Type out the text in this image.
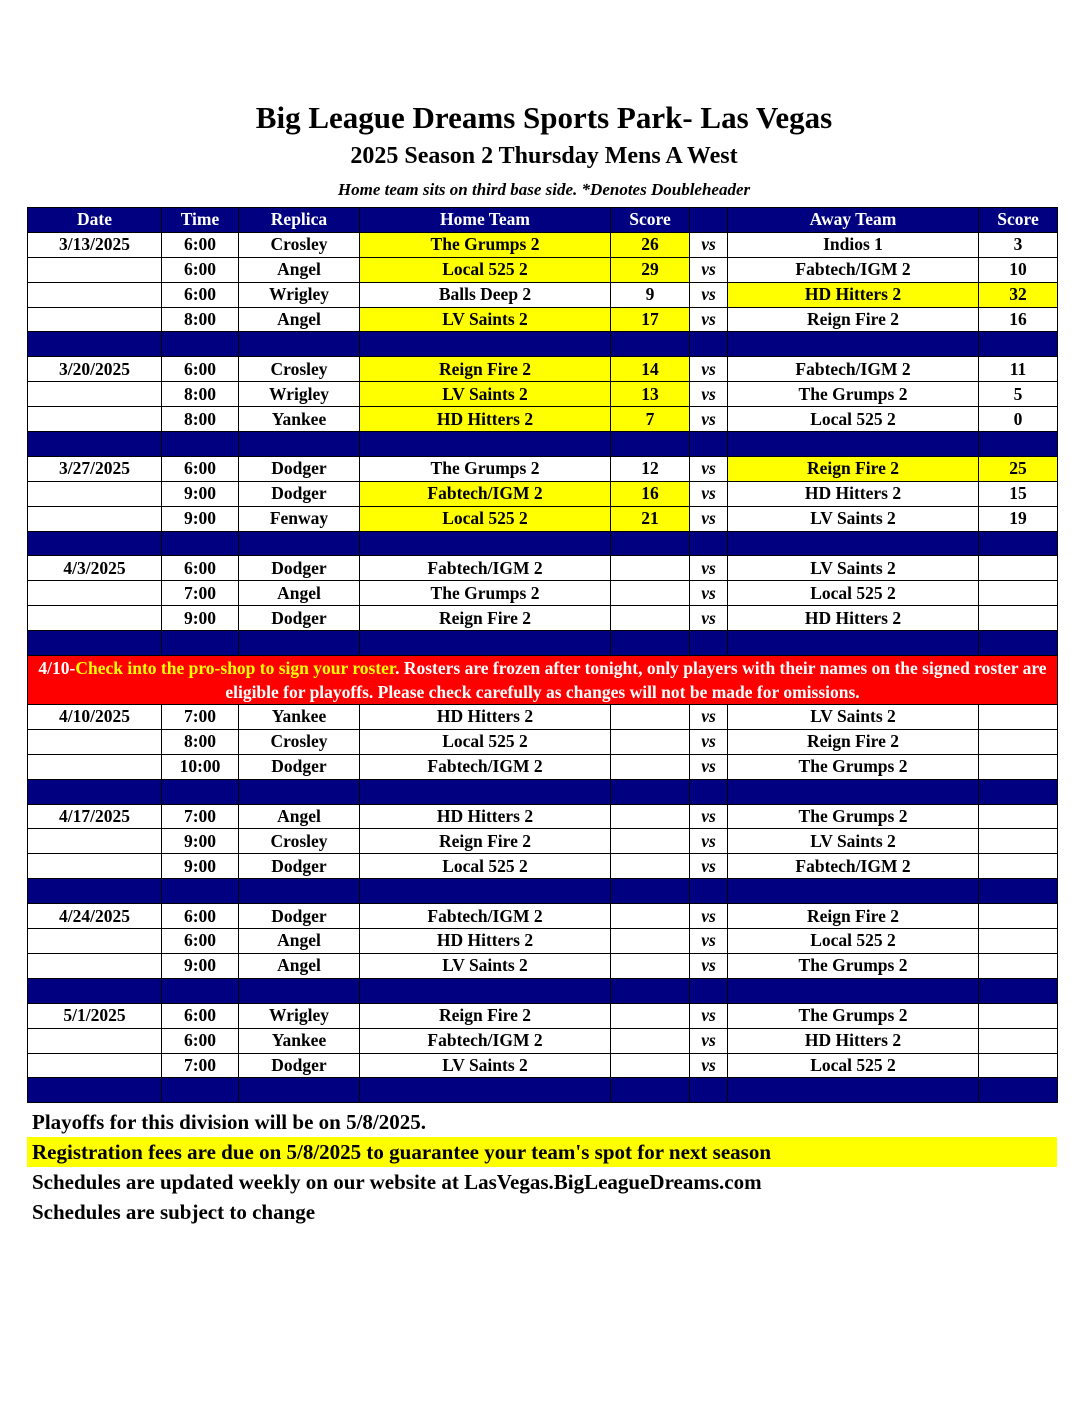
Big League Dreams Sports Park- Las Vegas
2025 Season 2 Thursday Mens A West
Home team sits on third base side. *Denotes Doubleheader
Date	Time	Replica	Home Team	Score		Away Team	Score
3/13/2025	6:00	Crosley	The Grumps 2	26	vs	Indios 1	3
	6:00	Angel	Local 525 2	29	vs	Fabtech/IGM 2	10
	6:00	Wrigley	Balls Deep 2	9	vs	HD Hitters 2	32
	8:00	Angel	LV Saints 2	17	vs	Reign Fire 2	16

3/20/2025	6:00	Crosley	Reign Fire 2	14	vs	Fabtech/IGM 2	11
	8:00	Wrigley	LV Saints 2	13	vs	The Grumps 2	5
	8:00	Yankee	HD Hitters 2	7	vs	Local 525 2	0

3/27/2025	6:00	Dodger	The Grumps 2	12	vs	Reign Fire 2	25
	9:00	Dodger	Fabtech/IGM 2	16	vs	HD Hitters 2	15
	9:00	Fenway	Local 525 2	21	vs	LV Saints 2	19

4/3/2025	6:00	Dodger	Fabtech/IGM 2		vs	LV Saints 2	
	7:00	Angel	The Grumps 2		vs	Local 525 2	
	9:00	Dodger	Reign Fire 2		vs	HD Hitters 2	

4/10-Check into the pro-shop to sign your roster. Rosters are frozen after tonight, only players with their names on the signed roster are eligible for playoffs. Please check carefully as changes will not be made for omissions.							
4/10/2025	7:00	Yankee	HD Hitters 2		vs	LV Saints 2	
	8:00	Crosley	Local 525 2		vs	Reign Fire 2	
	10:00	Dodger	Fabtech/IGM 2		vs	The Grumps 2	

4/17/2025	7:00	Angel	HD Hitters 2		vs	The Grumps 2	
	9:00	Crosley	Reign Fire 2		vs	LV Saints 2	
	9:00	Dodger	Local 525 2		vs	Fabtech/IGM 2	

4/24/2025	6:00	Dodger	Fabtech/IGM 2		vs	Reign Fire 2	
	6:00	Angel	HD Hitters 2		vs	Local 525 2	
	9:00	Angel	LV Saints 2		vs	The Grumps 2	

5/1/2025	6:00	Wrigley	Reign Fire 2		vs	The Grumps 2	
	6:00	Yankee	Fabtech/IGM 2		vs	HD Hitters 2	
	7:00	Dodger	LV Saints 2		vs	Local 525 2	

Playoffs for this division will be on 5/8/2025.
Registration fees are due on 5/8/2025 to guarantee your team's spot for next season
Schedules are updated weekly on our website at LasVegas.BigLeagueDreams.com
Schedules are subject to change
